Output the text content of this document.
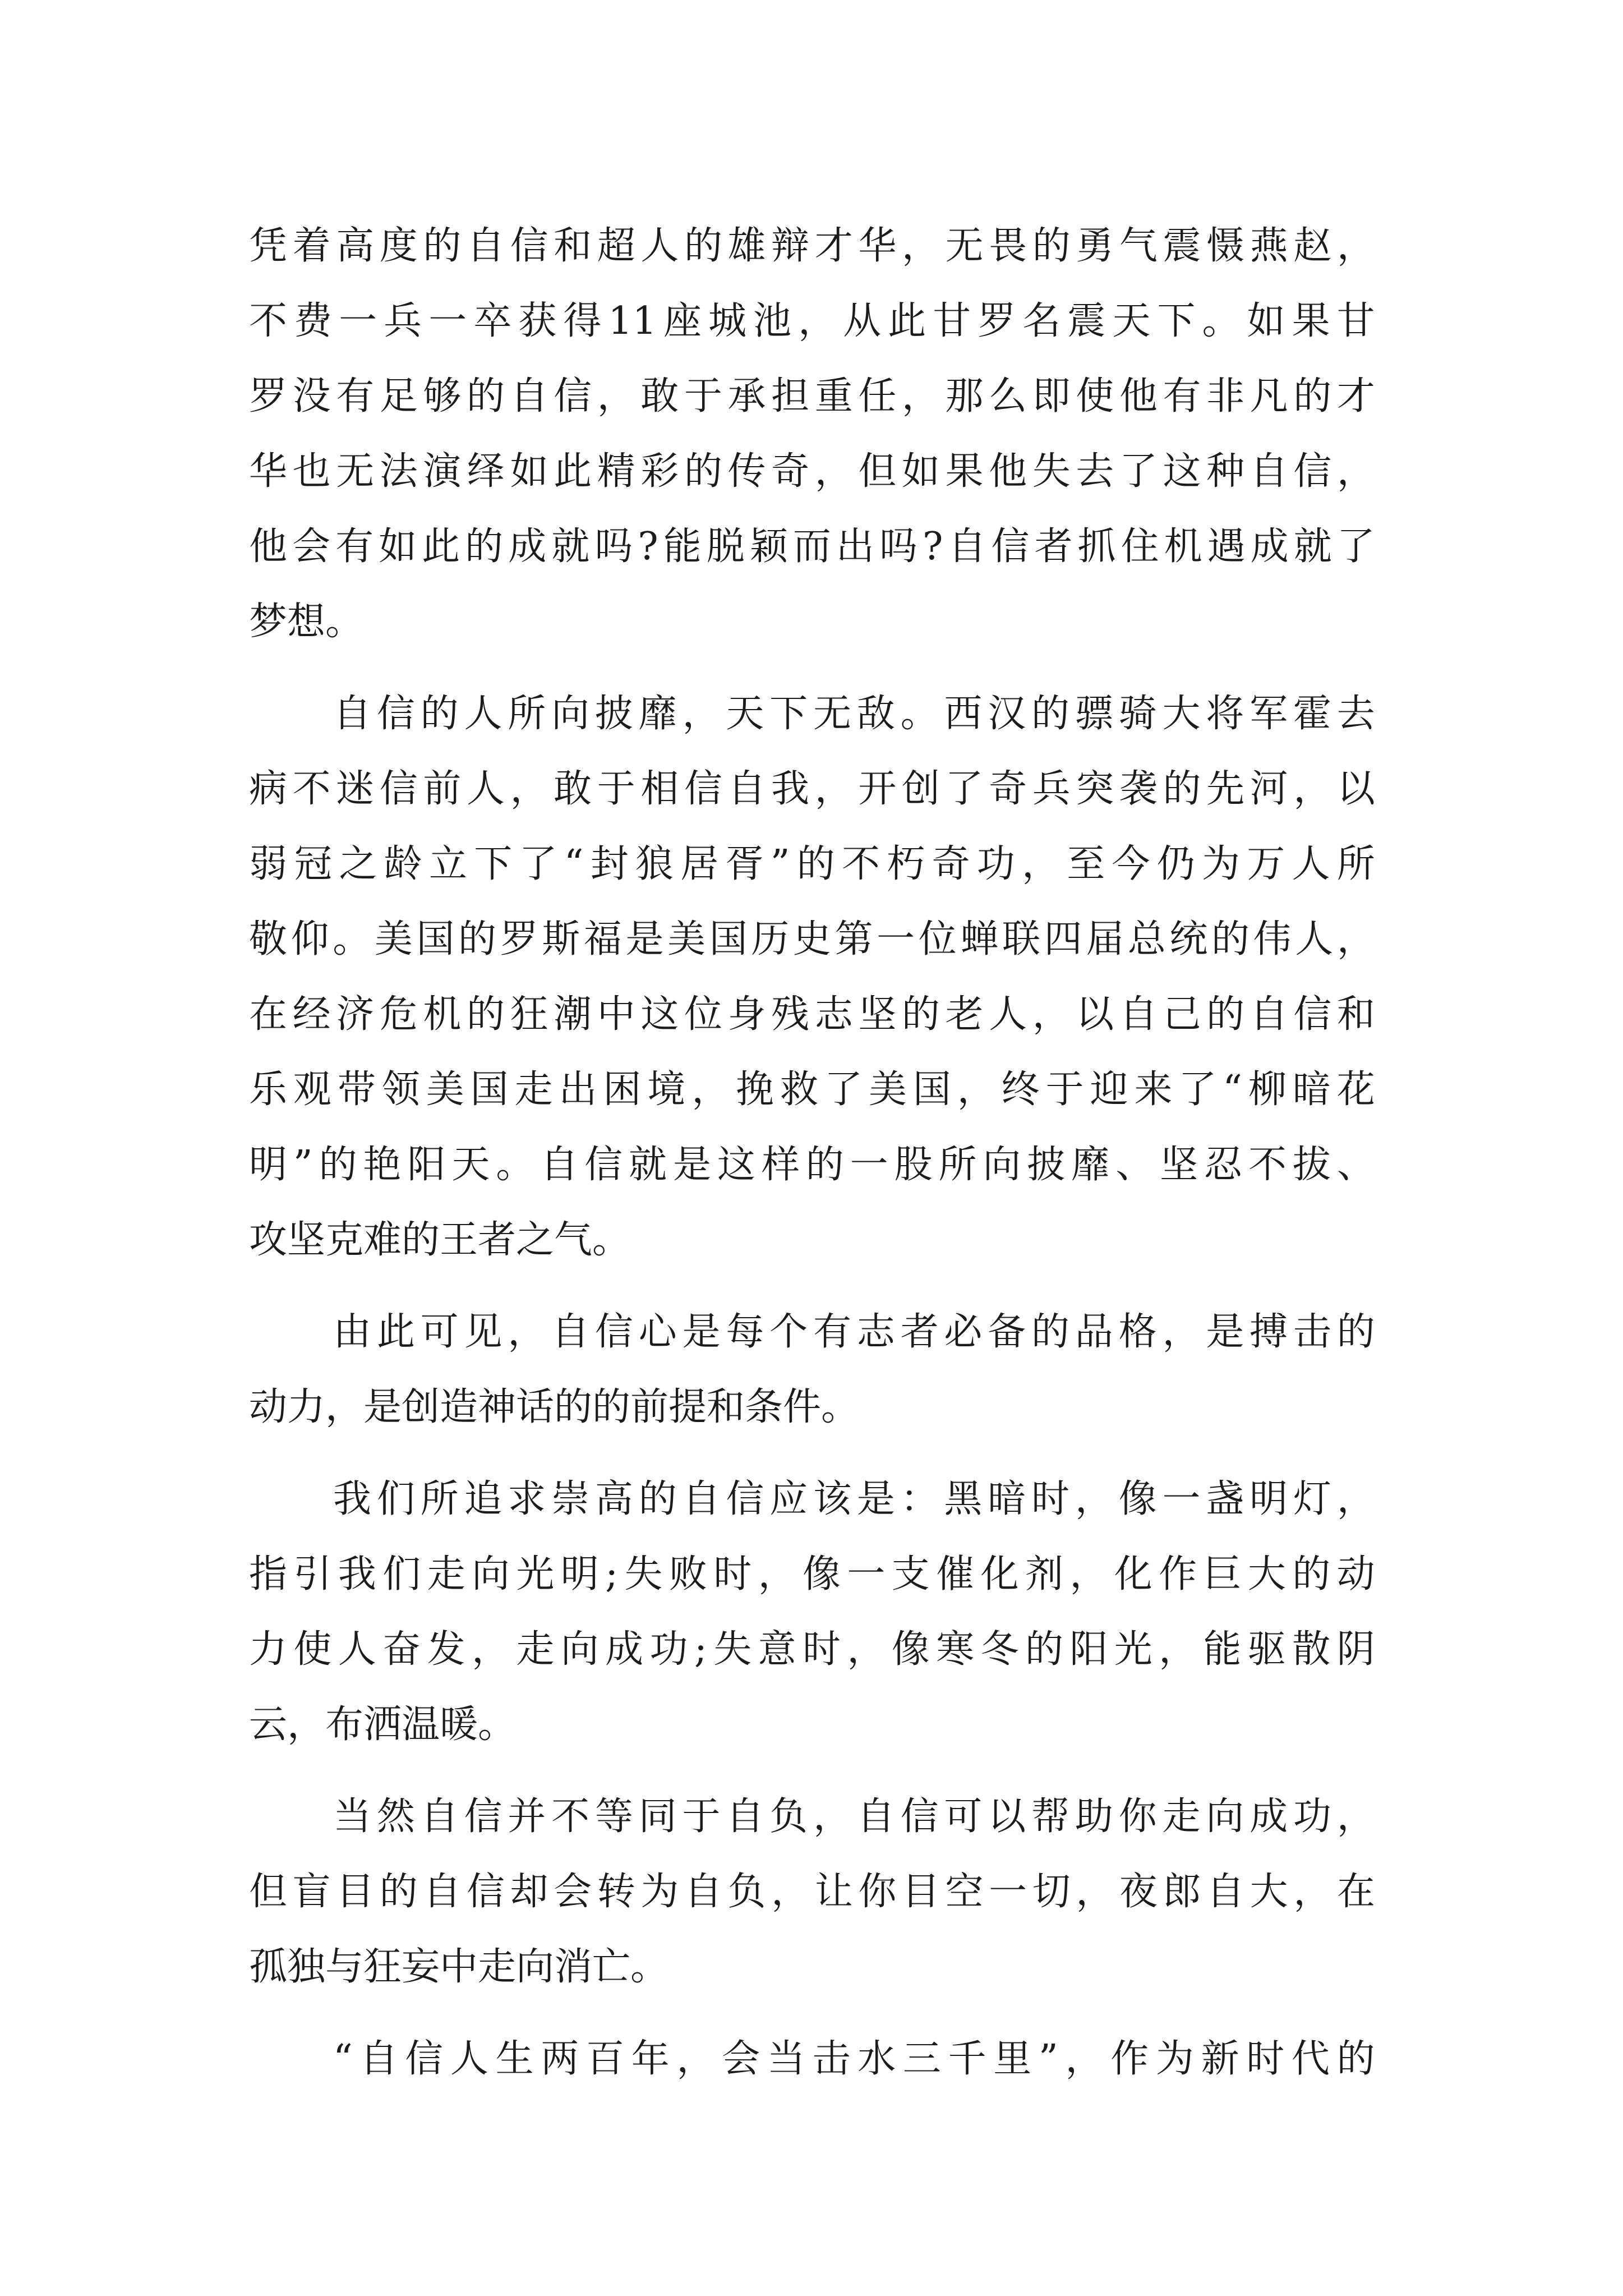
凭 着 高 度 的 自 信 和 超 人 的 雄 辩 才 华 ， 无 畏 的 勇 气 震 慑 燕 赵 ，
不 费 一 兵 一 卒 获 得 11 座 城 池 ， 从 此 甘 罗 名 震 天 下 。 如 果 甘
罗 没 有 足 够 的 自 信 ， 敢 于 承 担 重 任 ， 那 么 即 使 他 有 非 凡 的 才
华 也 无 法 演 绎 如 此 精 彩 的 传 奇 ， 但 如 果 他 失 去 了 这 种 自 信 ，
他 会 有 如 此 的 成 就 吗 ? 能 脱 颖 而 出 吗 ? 自 信 者 抓 住 机 遇 成 就 了
梦想。
自 信 的 人 所 向 披 靡 ， 天 下 无 敌 。 西 汉 的 骠 骑 大 将 军 霍 去
病 不 迷 信 前 人 ， 敢 于 相 信 自 我 ， 开 创 了 奇 兵 突 袭 的 先 河 ， 以
弱 冠 之 龄 立 下 了 “ 封 狼 居 胥 ” 的 不 朽 奇 功 ， 至 今 仍 为 万 人 所
敬 仰 。 美 国 的 罗 斯 福 是 美 国 历 史 第 一 位 蝉 联 四 届 总 统 的 伟 人 ，
在 经 济 危 机 的 狂 潮 中 这 位 身 残 志 坚 的 老 人 ， 以 自 己 的 自 信 和
乐 观 带 领 美 国 走 出 困 境 ， 挽 救 了 美 国 ， 终 于 迎 来 了 “ 柳 暗 花
明 ” 的 艳 阳 天 。 自 信 就 是 这 样 的 一 股 所 向 披 靡 、 坚 忍 不 拔 、
攻坚克难的王者之气。
由 此 可 见 ， 自 信 心 是 每 个 有 志 者 必 备 的 品 格 ， 是 搏 击 的
动力，是创造神话的的前提和条件。
我 们 所 追 求 崇 高 的 自 信 应 该 是 ： 黑 暗 时 ， 像 一 盏 明 灯 ，
指 引 我 们 走 向 光 明 ; 失 败 时 ， 像 一 支 催 化 剂 ， 化 作 巨 大 的 动
力 使 人 奋 发 ， 走 向 成 功 ; 失 意 时 ， 像 寒 冬 的 阳 光 ， 能 驱 散 阴
云，布洒温暖。
当 然 自 信 并 不 等 同 于 自 负 ， 自 信 可 以 帮 助 你 走 向 成 功 ，
但 盲 目 的 自 信 却 会 转 为 自 负 ， 让 你 目 空 一 切 ， 夜 郎 自 大 ， 在
孤独与狂妄中走向消亡。
“ 自 信 人 生 两 百 年 ， 会 当 击 水 三 千 里 ” ， 作 为 新 时 代 的
